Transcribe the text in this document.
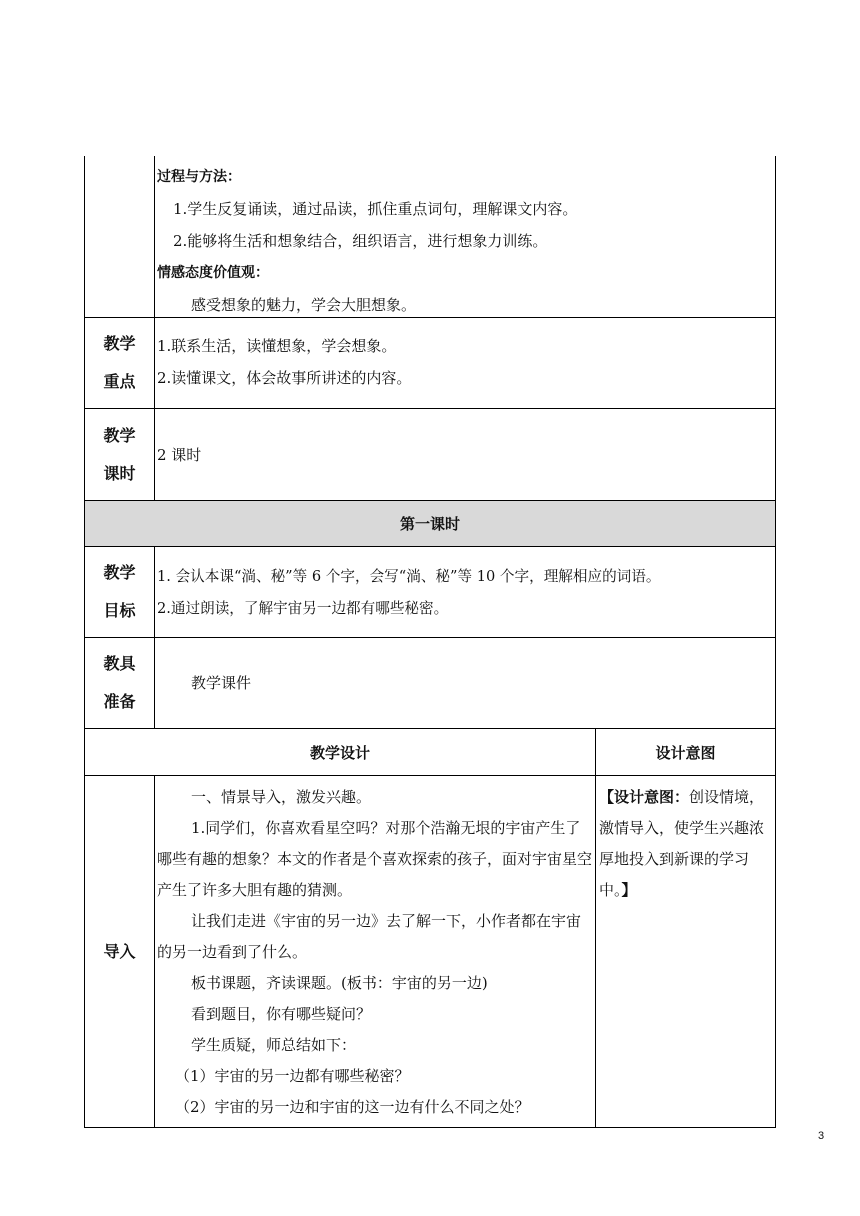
过程与方法：
1.学生反复诵读，通过品读，抓住重点词句，理解课文内容。
2.能够将生活和想象结合，组织语言，进行想象力训练。
情感态度价值观：
感受想象的魅力，学会大胆想象。
教学
重点
1.联系生活，读懂想象，学会想象。
2.读懂课文，体会故事所讲述的内容。
教学
课时
2 课时
第一课时
教学
目标
1. 会认本课“淌、秘”等 6 个字，会写“淌、秘”等 10 个字，理解相应的词语。
2.通过朗读，了解宇宙另一边都有哪些秘密。
教具
准备
教学课件
教学设计	设计意图
导入
一、情景导入，激发兴趣。
1.同学们，你喜欢看星空吗？对那个浩瀚无垠的宇宙产生了哪些有趣的想象？本文的作者是个喜欢探索的孩子，面对宇宙星空产生了许多大胆有趣的猜测。
让我们走进《宇宙的另一边》去了解一下，小作者都在宇宙的另一边看到了什么。
板书课题，齐读课题。(板书：宇宙的另一边)
看到题目，你有哪些疑问？
学生质疑，师总结如下：
（1）宇宙的另一边都有哪些秘密？
（2）宇宙的另一边和宇宙的这一边有什么不同之处？
【设计意图：创设情境，激情导入，使学生兴趣浓厚地投入到新课的学习中。】
3
